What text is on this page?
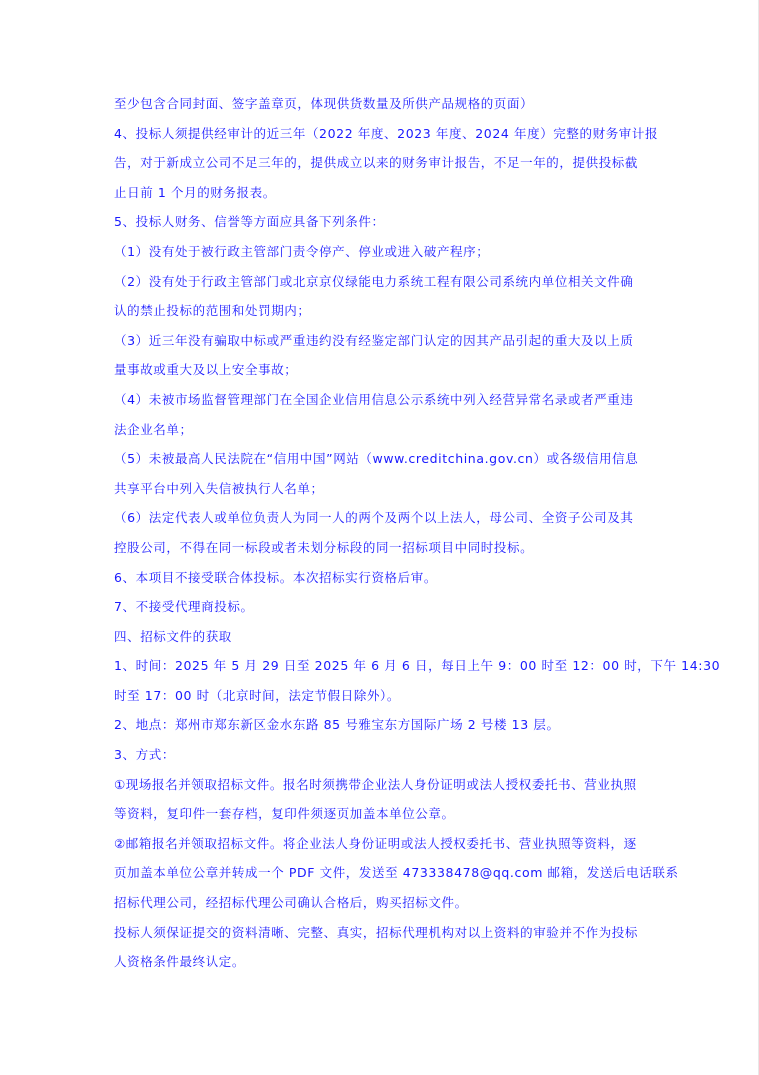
至少包含合同封面、签字盖章页，体现供货数量及所供产品规格的页面）
4、投标人须提供经审计的近三年（2022 年度、2023 年度、2024 年度）完整的财务审计报
告，对于新成立公司不足三年的，提供成立以来的财务审计报告，不足一年的，提供投标截
止日前 1 个月的财务报表。
5、投标人财务、信誉等方面应具备下列条件：
（1）没有处于被行政主管部门责令停产、停业或进入破产程序；
（2）没有处于行政主管部门或北京京仪绿能电力系统工程有限公司系统内单位相关文件确
认的禁止投标的范围和处罚期内；
（3）近三年没有骗取中标或严重违约没有经鉴定部门认定的因其产品引起的重大及以上质
量事故或重大及以上安全事故；
（4）未被市场监督管理部门在全国企业信用信息公示系统中列入经营异常名录或者严重违
法企业名单；
（5）未被最高人民法院在“信用中国”网站（www.creditchina.gov.cn）或各级信用信息
共享平台中列入失信被执行人名单；
（6）法定代表人或单位负责人为同一人的两个及两个以上法人，母公司、全资子公司及其
控股公司，不得在同一标段或者未划分标段的同一招标项目中同时投标。
6、本项目不接受联合体投标。本次招标实行资格后审。
7、不接受代理商投标。
四、招标文件的获取
1、时间：2025 年 5 月 29 日至 2025 年 6 月 6 日，每日上午 9：00 时至 12：00 时，下午 14:30
时至 17：00 时（北京时间，法定节假日除外）。
2、地点：郑州市郑东新区金水东路 85 号雅宝东方国际广场 2 号楼 13 层。
3、方式：
①现场报名并领取招标文件。报名时须携带企业法人身份证明或法人授权委托书、营业执照
等资料，复印件一套存档，复印件须逐页加盖本单位公章。
②邮箱报名并领取招标文件。将企业法人身份证明或法人授权委托书、营业执照等资料，逐
页加盖本单位公章并转成一个 PDF 文件，发送至 473338478@qq.com 邮箱，发送后电话联系
招标代理公司，经招标代理公司确认合格后，购买招标文件。
投标人须保证提交的资料清晰、完整、真实，招标代理机构对以上资料的审验并不作为投标
人资格条件最终认定。
